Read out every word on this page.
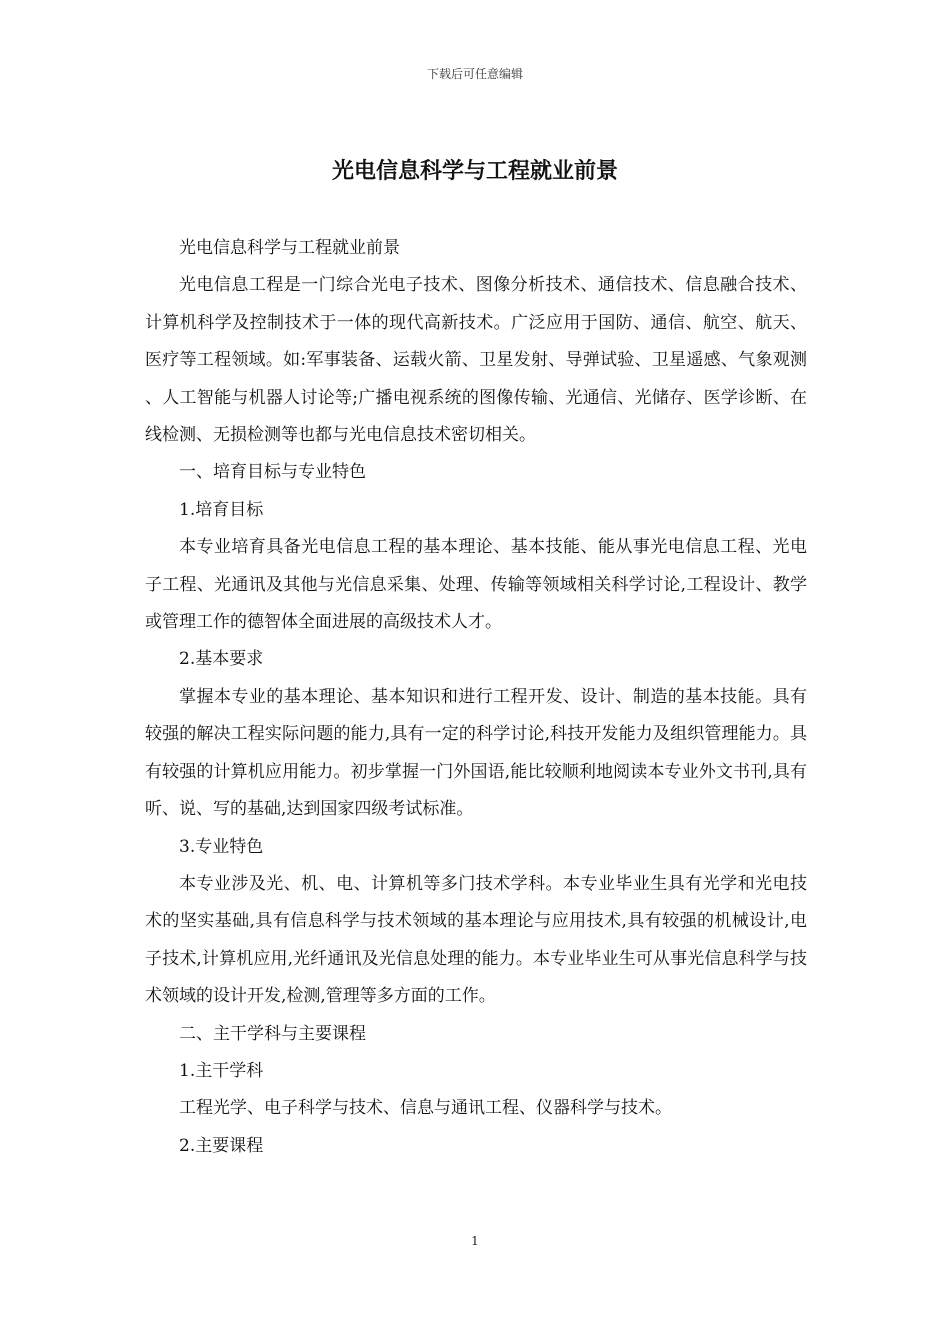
下载后可任意编辑
光电信息科学与工程就业前景

光电信息科学与工程就业前景

光电信息工程是一门综合光电子技术、图像分析技术、通信技术、信息融合技术、计算机科学及控制技术于一体的现代高新技术。广泛应用于国防、通信、航空、航天、医疗等工程领域。如:军事装备、运载火箭、卫星发射、导弹试验、卫星遥感、气象观测、人工智能与机器人讨论等;广播电视系统的图像传输、光通信、光储存、医学诊断、在线检测、无损检测等也都与光电信息技术密切相关。

一、培育目标与专业特色

1.培育目标

本专业培育具备光电信息工程的基本理论、基本技能、能从事光电信息工程、光电子工程、光通讯及其他与光信息采集、处理、传输等领域相关科学讨论,工程设计、教学或管理工作的德智体全面进展的高级技术人才。

2.基本要求

掌握本专业的基本理论、基本知识和进行工程开发、设计、制造的基本技能。具有较强的解决工程实际问题的能力,具有一定的科学讨论,科技开发能力及组织管理能力。具有较强的计算机应用能力。初步掌握一门外国语,能比较顺利地阅读本专业外文书刊,具有听、说、写的基础,达到国家四级考试标准。

3.专业特色

本专业涉及光、机、电、计算机等多门技术学科。本专业毕业生具有光学和光电技术的坚实基础,具有信息科学与技术领域的基本理论与应用技术,具有较强的机械设计,电子技术,计算机应用,光纤通讯及光信息处理的能力。本专业毕业生可从事光信息科学与技术领域的设计开发,检测,管理等多方面的工作。

二、主干学科与主要课程

1.主干学科

工程光学、电子科学与技术、信息与通讯工程、仪器科学与技术。

2.主要课程

1
